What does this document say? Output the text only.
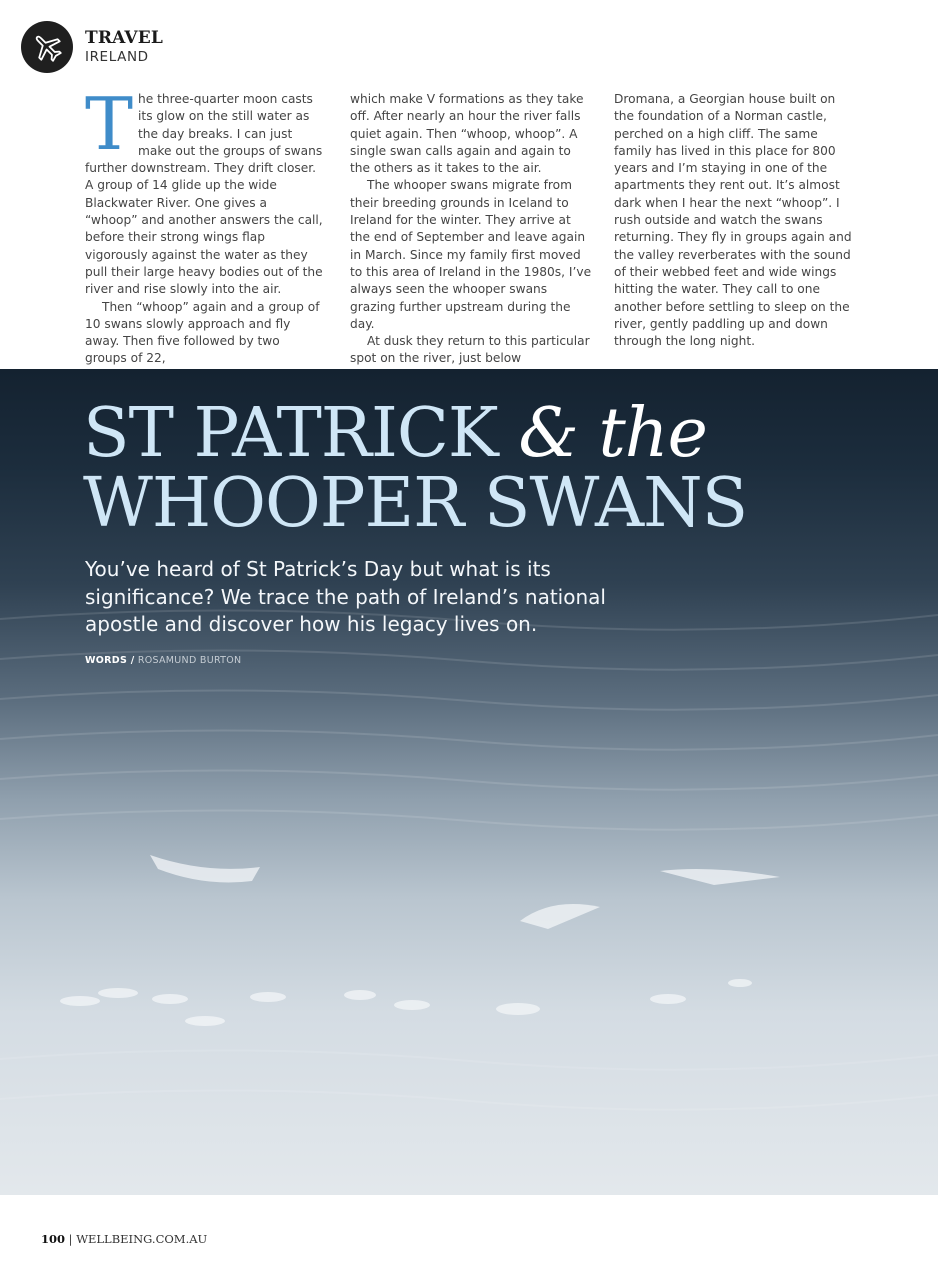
TRAVEL
IRELAND

The three-quarter moon casts its glow on the still water as the day breaks. I can just make out the groups of swans further downstream. They drift closer. A group of 14 glide up the wide Blackwater River. One gives a “whoop” and another answers the call, before their strong wings flap vigorously against the water as they pull their large heavy bodies out of the river and rise slowly into the air.

Then “whoop” again and a group of 10 swans slowly approach and fly away. Then five followed by two groups of 22,

which make V formations as they take off. After nearly an hour the river falls quiet again. Then “whoop, whoop”. A single swan calls again and again to the others as it takes to the air.

The whooper swans migrate from their breeding grounds in Iceland to Ireland for the winter. They arrive at the end of September and leave again in March. Since my family first moved to this area of Ireland in the 1980s, I’ve always seen the whooper swans grazing further upstream during the day.

At dusk they return to this particular spot on the river, just below

Dromana, a Georgian house built on the foundation of a Norman castle, perched on a high cliff. The same family has lived in this place for 800 years and I’m staying in one of the apartments they rent out. It’s almost dark when I hear the next “whoop”. I rush outside and watch the swans returning. They fly in groups again and the valley reverberates with the sound of their webbed feet and wide wings hitting the water. They call to one another before settling to sleep on the river, gently paddling up and down through the long night.

ST PATRICK & the
WHOOPER SWANS
You’ve heard of St Patrick’s Day but what is its significance? We trace the path of Ireland’s national apostle and discover how his legacy lives on.
WORDS / ROSAMUND BURTON
100 | WELLBEING.COM.AU
